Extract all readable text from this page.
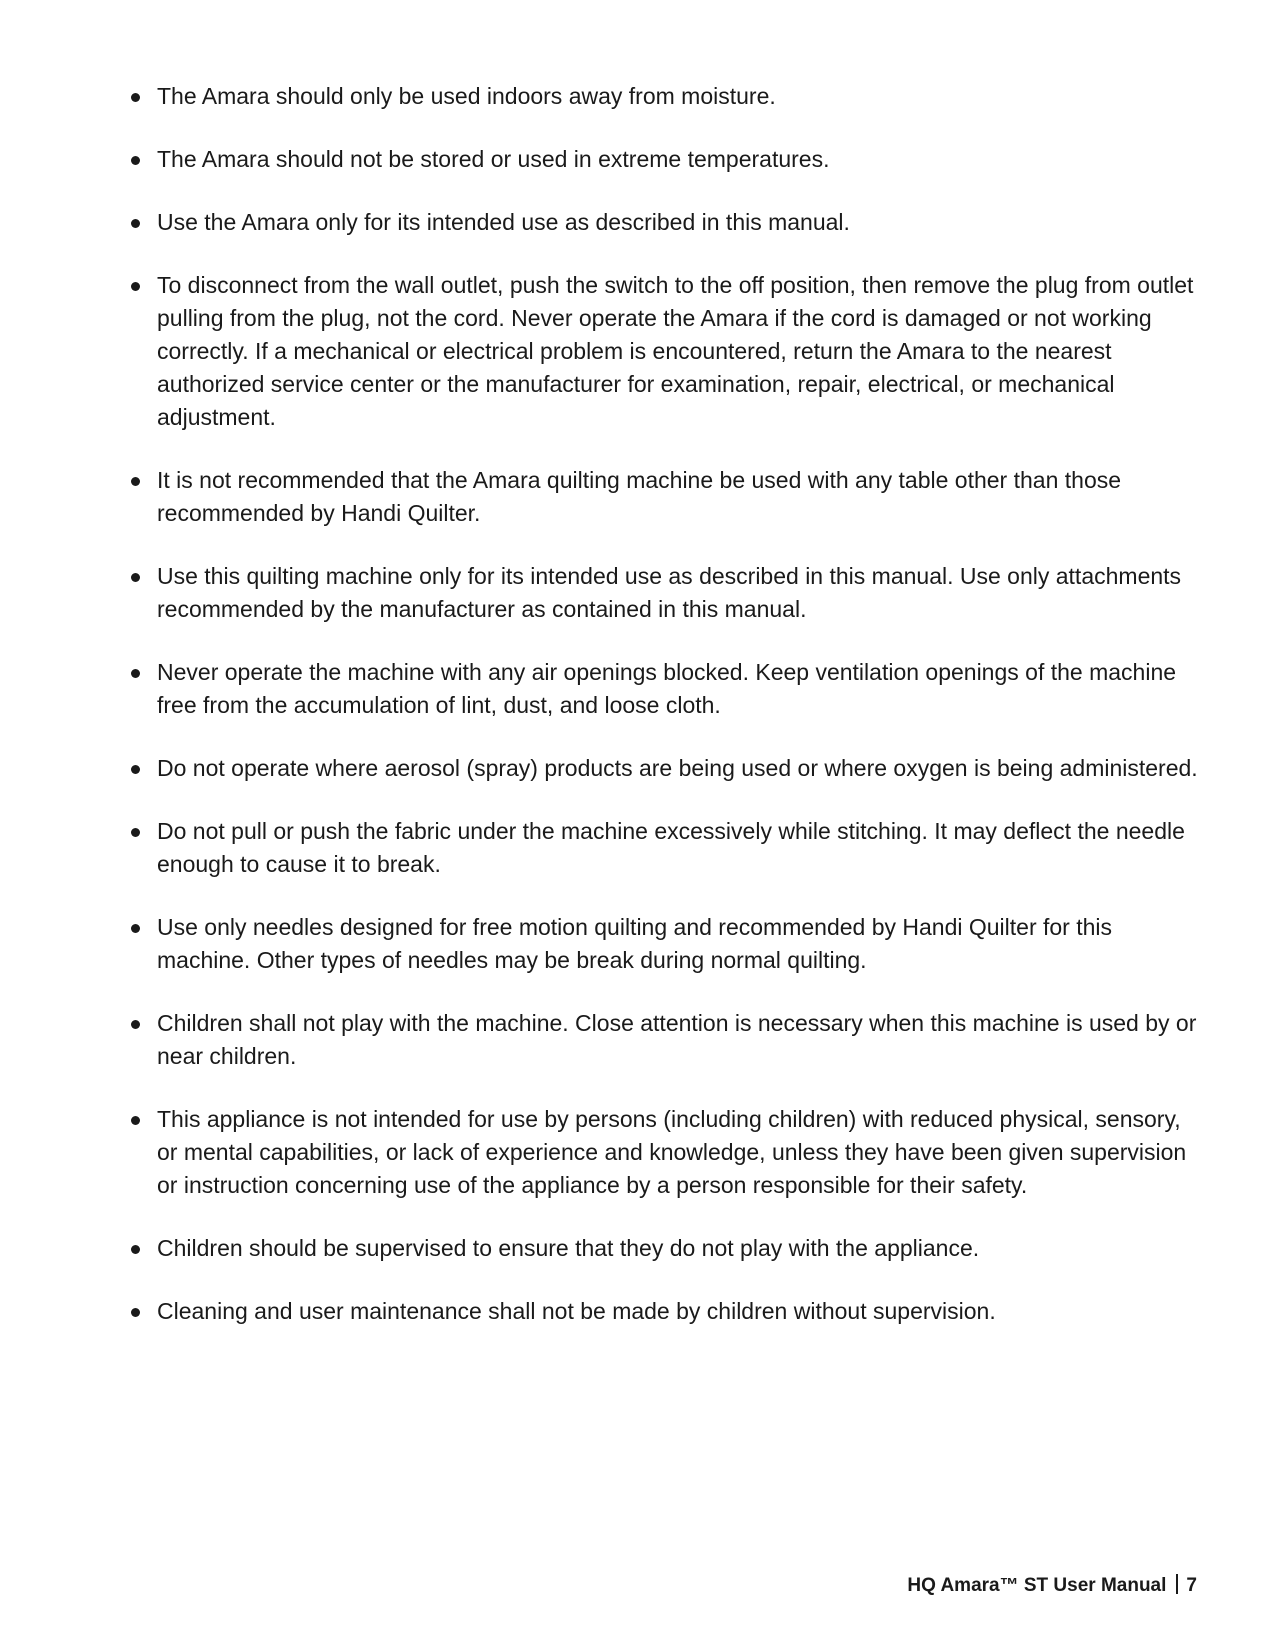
The Amara should only be used indoors away from moisture.
The Amara should not be stored or used in extreme temperatures.
Use the Amara only for its intended use as described in this manual.
To disconnect from the wall outlet, push the switch to the off position, then remove the plug from outlet pulling from the plug, not the cord. Never operate the Amara if the cord is damaged or not working correctly. If a mechanical or electrical problem is encountered, return the Amara to the nearest authorized service center or the manufacturer for examination, repair, electrical, or mechanical adjustment.
It is not recommended that the Amara quilting machine be used with any table other than those recommended by Handi Quilter.
Use this quilting machine only for its intended use as described in this manual. Use only attachments recommended by the manufacturer as contained in this manual.
Never operate the machine with any air openings blocked. Keep ventilation openings of the machine free from the accumulation of lint, dust, and loose cloth.
Do not operate where aerosol (spray) products are being used or where oxygen is being administered.
Do not pull or push the fabric under the machine excessively while stitching. It may deflect the needle enough to cause it to break.
Use only needles designed for free motion quilting and recommended by Handi Quilter for this machine. Other types of needles may be break during normal quilting.
Children shall not play with the machine. Close attention is necessary when this machine is used by or near children.
This appliance is not intended for use by persons (including children) with reduced physical, sensory, or mental capabilities, or lack of experience and knowledge, unless they have been given supervision or instruction concerning use of the appliance by a person responsible for their safety.
Children should be supervised to ensure that they do not play with the appliance.
Cleaning and user maintenance shall not be made by children without supervision.
HQ Amara™ ST User Manual 7
